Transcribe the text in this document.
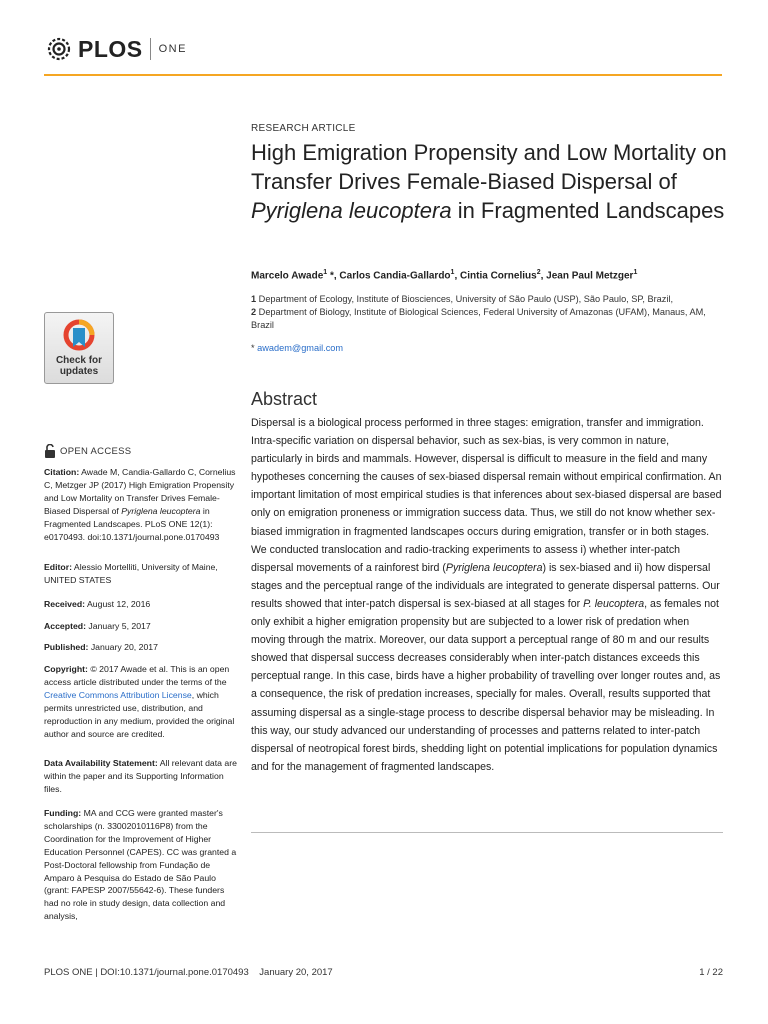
PLOS ONE
RESEARCH ARTICLE
High Emigration Propensity and Low Mortality on Transfer Drives Female-Biased Dispersal of Pyriglena leucoptera in Fragmented Landscapes
Marcelo Awade$^1$ *, Carlos Candia-Gallardo$^1$, Cintia Cornelius$^2$, Jean Paul Metzger$^1$
1 Department of Ecology, Institute of Biosciences, University of São Paulo (USP), São Paulo, SP, Brazil,
2 Department of Biology, Institute of Biological Sciences, Federal University of Amazonas (UFAM), Manaus, AM, Brazil
* awadem@gmail.com
Abstract
Dispersal is a biological process performed in three stages: emigration, transfer and immigration. Intra-specific variation on dispersal behavior, such as sex-bias, is very common in nature, particularly in birds and mammals. However, dispersal is difficult to measure in the field and many hypotheses concerning the causes of sex-biased dispersal remain without empirical confirmation. An important limitation of most empirical studies is that inferences about sex-biased dispersal are based only on emigration proneness or immigration success data. Thus, we still do not know whether sex-biased immigration in fragmented landscapes occurs during emigration, transfer or in both stages. We conducted translocation and radio-tracking experiments to assess i) whether inter-patch dispersal movements of a rainforest bird (Pyriglena leucoptera) is sex-biased and ii) how dispersal stages and the perceptual range of the individuals are integrated to generate dispersal patterns. Our results showed that inter-patch dispersal is sex-biased at all stages for P. leucoptera, as females not only exhibit a higher emigration propensity but are subjected to a lower risk of predation when moving through the matrix. Moreover, our data support a perceptual range of 80 m and our results showed that dispersal success decreases considerably when inter-patch distances exceeds this perceptual range. In this case, birds have a higher probability of travelling over longer routes and, as a consequence, the risk of predation increases, specially for males. Overall, results supported that assuming dispersal as a single-stage process to describe dispersal behavior may be misleading. In this way, our study advanced our understanding of processes and patterns related to inter-patch dispersal of neotropical forest birds, shedding light on potential implications for population dynamics and for the management of fragmented landscapes.
Check for
updates
OPEN ACCESS
Citation: Awade M, Candia-Gallardo C, Cornelius C, Metzger JP (2017) High Emigration Propensity and Low Mortality on Transfer Drives Female-Biased Dispersal of Pyriglena leucoptera in Fragmented Landscapes. PLoS ONE 12(1): e0170493. doi:10.1371/journal.pone.0170493
Editor: Alessio Mortelliti, University of Maine, UNITED STATES
Received: August 12, 2016
Accepted: January 5, 2017
Published: January 20, 2017
Copyright: © 2017 Awade et al. This is an open access article distributed under the terms of the Creative Commons Attribution License, which permits unrestricted use, distribution, and reproduction in any medium, provided the original author and source are credited.
Data Availability Statement: All relevant data are within the paper and its Supporting Information files.
Funding: MA and CCG were granted master's scholarships (n. 33002010116P8) from the Coordination for the Improvement of Higher Education Personnel (CAPES). CC was granted a Post-Doctoral fellowship from Fundação de Amparo à Pesquisa do Estado de São Paulo (grant: FAPESP 2007/55642-6). These funders had no role in study design, data collection and analysis,
PLOS ONE | DOI:10.1371/journal.pone.0170493    January 20, 2017	1 / 22
